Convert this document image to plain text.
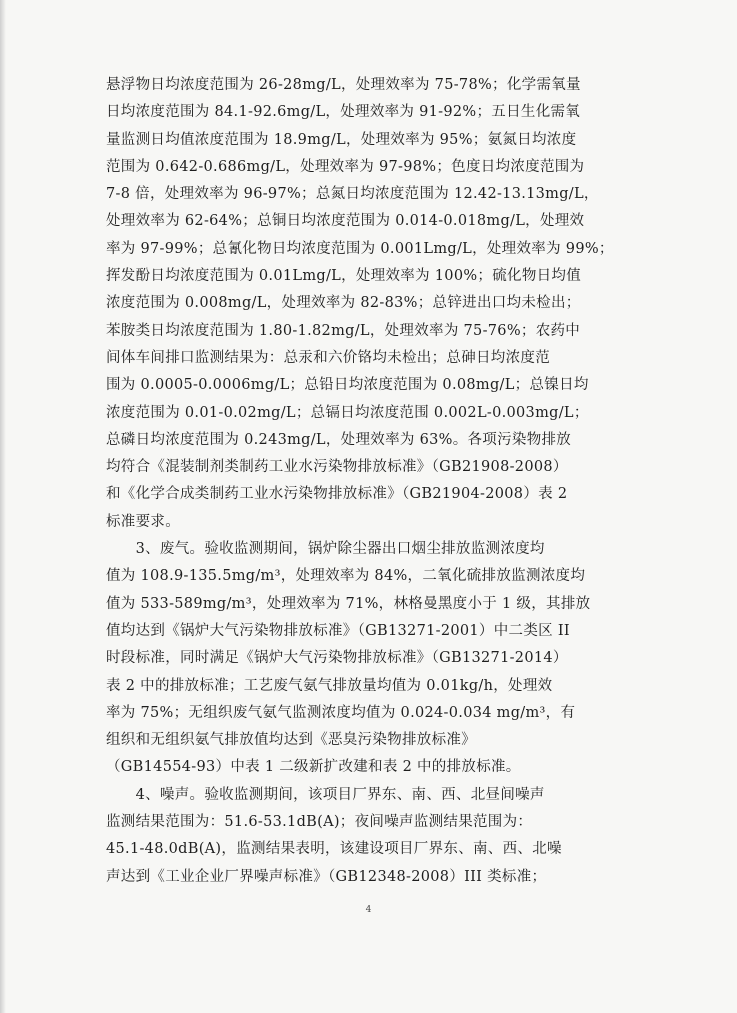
悬浮物日均浓度范围为 26-28mg/L，处理效率为 75-78%；化学需氧量
日均浓度范围为 84.1-92.6mg/L，处理效率为 91-92%；五日生化需氧
量监测日均值浓度范围为 18.9mg/L，处理效率为 95%；氨氮日均浓度
范围为 0.642-0.686mg/L，处理效率为 97-98%；色度日均浓度范围为
7-8 倍，处理效率为 96-97%；总氮日均浓度范围为 12.42-13.13mg/L，
处理效率为 62-64%；总铜日均浓度范围为 0.014-0.018mg/L，处理效
率为 97-99%；总氰化物日均浓度范围为 0.001Lmg/L，处理效率为 99%；
挥发酚日均浓度范围为 0.01Lmg/L，处理效率为 100%；硫化物日均值
浓度范围为 0.008mg/L，处理效率为 82-83%；总锌进出口均未检出；
苯胺类日均浓度范围为 1.80-1.82mg/L，处理效率为 75-76%；农药中
间体车间排口监测结果为：总汞和六价铬均未检出；总砷日均浓度范
围为 0.0005-0.0006mg/L；总铅日均浓度范围为 0.08mg/L；总镍日均
浓度范围为 0.01-0.02mg/L；总镉日均浓度范围 0.002L-0.003mg/L；
总磷日均浓度范围为 0.243mg/L，处理效率为 63%。各项污染物排放
均符合《混装制剂类制药工业水污染物排放标准》（GB21908-2008）
和《化学合成类制药工业水污染物排放标准》（GB21904-2008）表 2
标准要求。
　　3、废气。验收监测期间，锅炉除尘器出口烟尘排放监测浓度均
值为 108.9-135.5mg/m³，处理效率为 84%，二氧化硫排放监测浓度均
值为 533-589mg/m³，处理效率为 71%，林格曼黑度小于 1 级，其排放
值均达到《锅炉大气污染物排放标准》（GB13271-2001）中二类区 II
时段标准，同时满足《锅炉大气污染物排放标准》（GB13271-2014）
表 2 中的排放标准；工艺废气氨气排放量均值为 0.01kg/h，处理效
率为 75%；无组织废气氨气监测浓度均值为 0.024-0.034 mg/m³，有
组织和无组织氨气排放值均达到《恶臭污染物排放标准》
（GB14554-93）中表 1 二级新扩改建和表 2 中的排放标准。
　　4、噪声。验收监测期间，该项目厂界东、南、西、北昼间噪声
监测结果范围为：51.6-53.1dB(A)；夜间噪声监测结果范围为：
45.1-48.0dB(A)，监测结果表明，该建设项目厂界东、南、西、北噪
声达到《工业企业厂界噪声标准》（GB12348-2008）III 类标准；
4
